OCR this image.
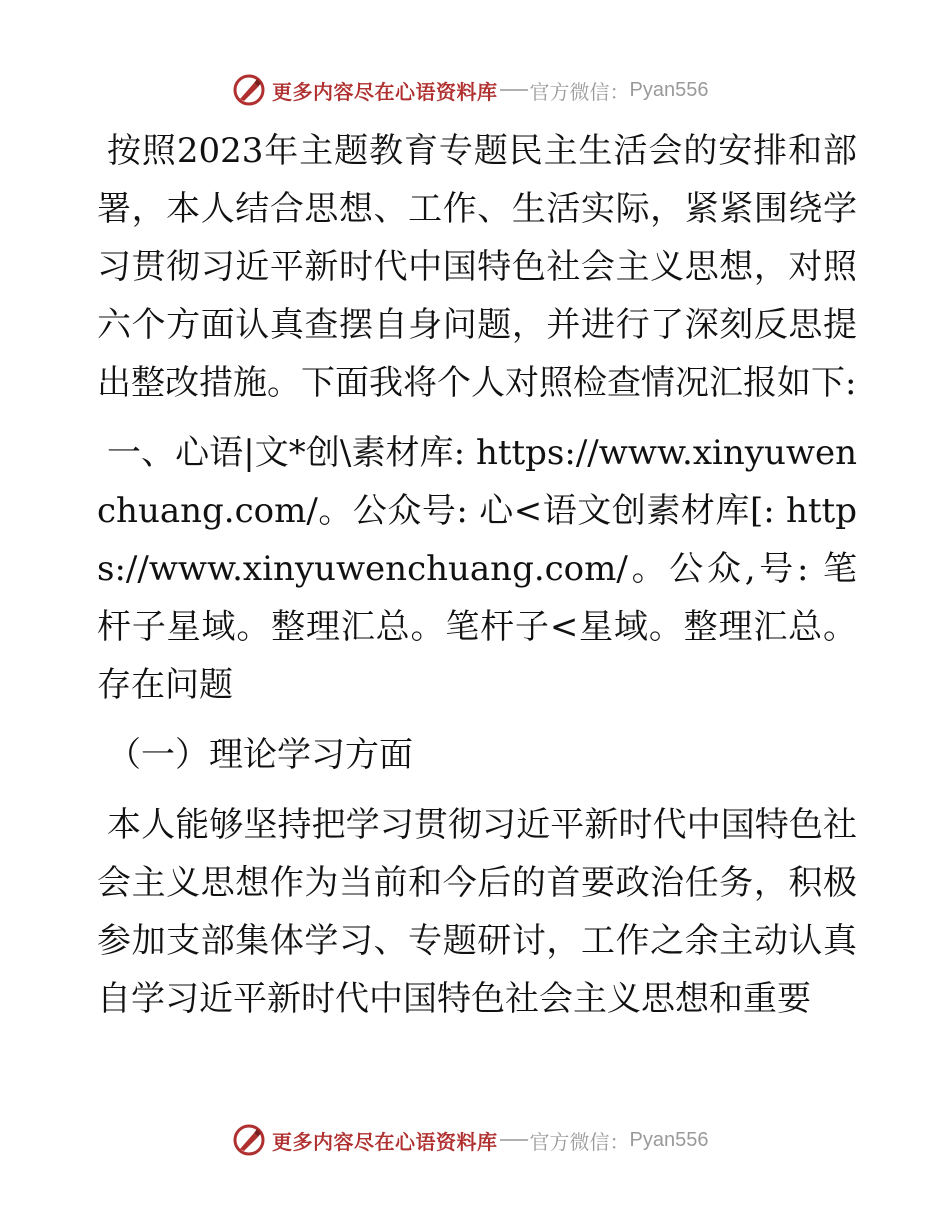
更多内容尽在心语资料库 官方微信： Pyan556

按照2023年主题教育专题民主生活会的安排和部署，本人结合思想、工作、生活实际，紧紧围绕学习贯彻习近平新时代中国特色社会主义思想，对照六个方面认真查摆自身问题，并进行了深刻反思提出整改措施。下面我将个人对照检查情况汇报如下:

一、心语|文*创\素材库: https://www.xinyuwenchuang.com/。公众号: 心<语文创素材库[: https://www.xinyuwenchuang.com/。公众,号: 笔杆子星域。整理汇总。笔杆子<星域。整理汇总。存在问题

（一）理论学习方面

本人能够坚持把学习贯彻习近平新时代中国特色社会主义思想作为当前和今后的首要政治任务，积极参加支部集体学习、专题研讨，工作之余主动认真自学习近平新时代中国特色社会主义思想和重要

更多内容尽在心语资料库 官方微信： Pyan556
